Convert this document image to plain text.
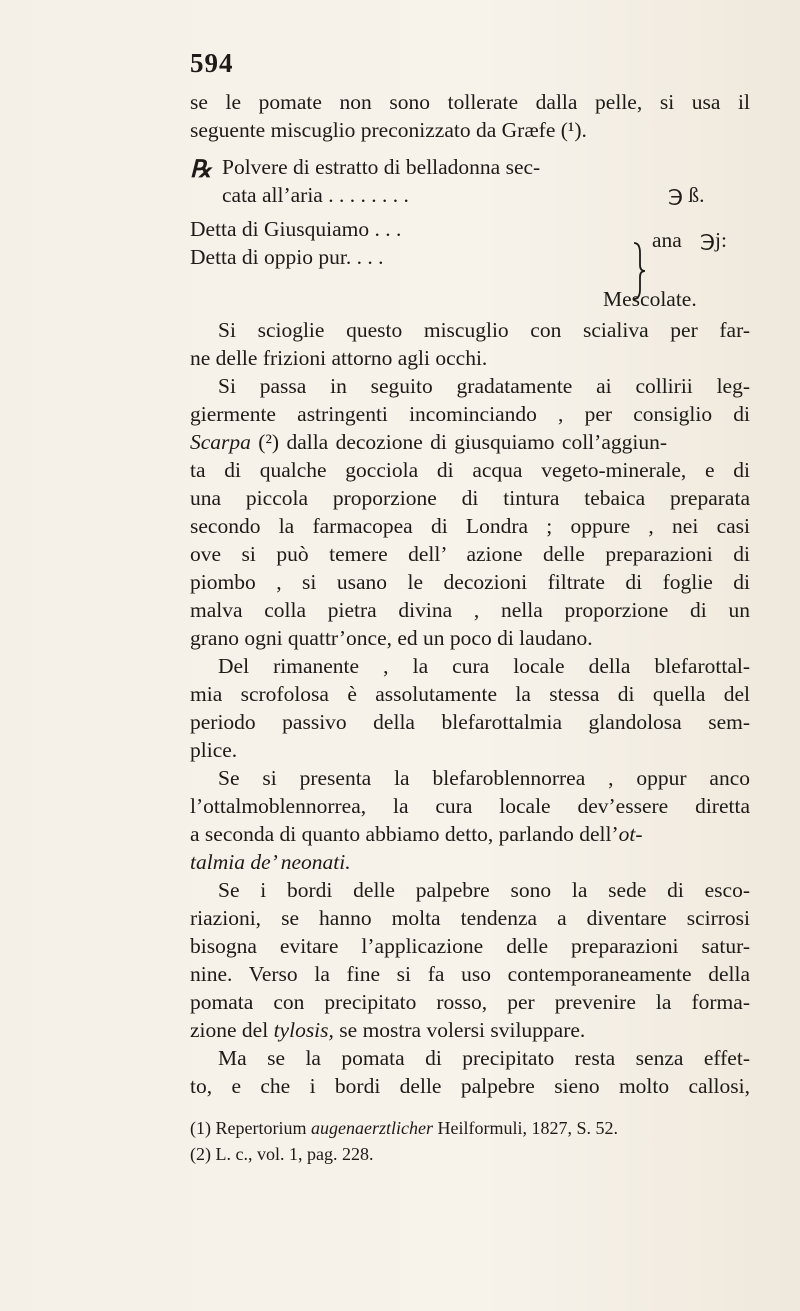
594
se le pomate non sono tollerate dalla pelle, si usa il
seguente miscuglio preconizzato da Græfe (¹).
℞ Polvere di estratto di belladonna sec-
cata all’aria . . . . . . . .	℈ ß.
Detta di Giusquiamo . . .
Detta di oppio pur. . . .
ana ℈j:
Mescolate.
Si scioglie questo miscuglio con scialiva per far-
ne delle frizioni attorno agli occhi.
Si passa in seguito gradatamente ai collirii leg-
giermente astringenti incominciando , per consiglio di
Scarpa (²) dalla decozione di giusquiamo coll’aggiun-
ta di qualche gocciola di acqua vegeto-minerale, e di
una piccola proporzione di tintura tebaica preparata
secondo la farmacopea di Londra ; oppure , nei casi
ove si può temere dell’ azione delle preparazioni di
piombo , si usano le decozioni filtrate di foglie di
malva colla pietra divina , nella proporzione di un
grano ogni quattr’once, ed un poco di laudano.
Del rimanente , la cura locale della blefarottal-
mia scrofolosa è assolutamente la stessa di quella del
periodo passivo della blefarottalmia glandolosa sem-
plice.
Se si presenta la blefaroblennorrea , oppur anco
l’ottalmoblennorrea, la cura locale dev’essere diretta
a seconda di quanto abbiamo detto, parlando dell’ot-
talmia de’ neonati.
Se i bordi delle palpebre sono la sede di esco-
riazioni, se hanno molta tendenza a diventare scirrosi
bisogna evitare l’applicazione delle preparazioni satur-
nine. Verso la fine si fa uso contemporaneamente della
pomata con precipitato rosso, per prevenire la forma-
zione del tylosis, se mostra volersi sviluppare.
Ma se la pomata di precipitato resta senza effet-
to, e che i bordi delle palpebre sieno molto callosi,
(1) Repertorium augenaerztlicher Heilformuli, 1827, S. 52.
(2) L. c., vol. 1, pag. 228.
